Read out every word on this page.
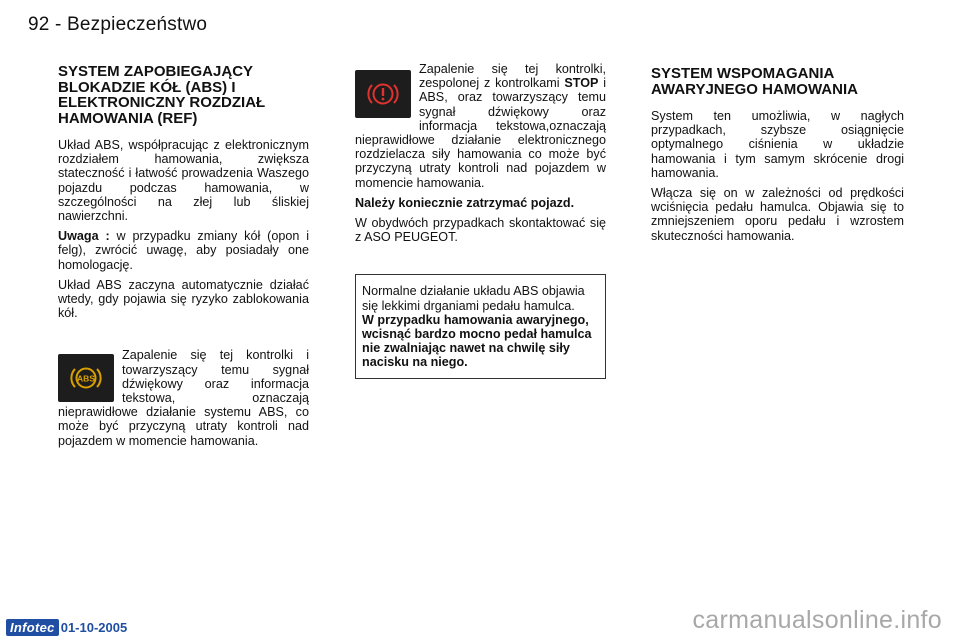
92 - Bezpieczeństwo
SYSTEM ZAPOBIEGAJĄCY BLOKADZIE KÓŁ (ABS) I ELEKTRONICZNY ROZDZIAŁ HAMOWANIA (REF)

Układ ABS, współpracując z elektronicznym rozdziałem hamowania, zwiększa stateczność i łatwość prowadzenia Waszego pojazdu podczas hamowania, w szczególności na złej lub śliskiej nawierzchni.

Uwaga : w przypadku zmiany kół (opon i felg), zwrócić uwagę, aby posiadały one homologację.

Układ ABS zaczyna automatycznie działać wtedy, gdy pojawia się ryzyko zablokowania kół.

ABS
Zapalenie się tej kontrolki i towarzyszący temu sygnał dźwiękowy oraz informacja tekstowa, oznaczają nieprawidłowe działanie systemu ABS, co może być przyczyną utraty kontroli nad pojazdem w momencie hamowania.

Zapalenie się tej kontrolki, zespolonej z kontrolkami STOP i ABS, oraz towarzyszący temu sygnał dźwiękowy oraz informacja tekstowa,oznaczają nieprawidłowe działanie elektronicznego rozdzielacza siły hamowania co może być przyczyną utraty kontroli nad pojazdem w momencie hamowania.

Należy koniecznie zatrzymać pojazd.

W obydwóch przypadkach skontaktować się z ASO PEUGEOT.

Normalne działanie układu ABS objawia się lekkimi drganiami pedału hamulca.
W przypadku hamowania awaryjnego, wcisnąć bardzo mocno pedał hamulca nie zwalniając nawet na chwilę siły nacisku na niego.
SYSTEM WSPOMAGANIA AWARYJNEGO HAMOWANIA

System ten umożliwia, w nagłych przypadkach, szybsze osiągnięcie optymalnego ciśnienia w układzie hamowania i tym samym skrócenie drogi hamowania.

Włącza się on w zależności od prędkości wciśnięcia pedału hamulca. Objawia się to zmniejszeniem oporu pedału i wzrostem skuteczności hamowania.

Infotec 01-10-2005	carmanualsonline.info
